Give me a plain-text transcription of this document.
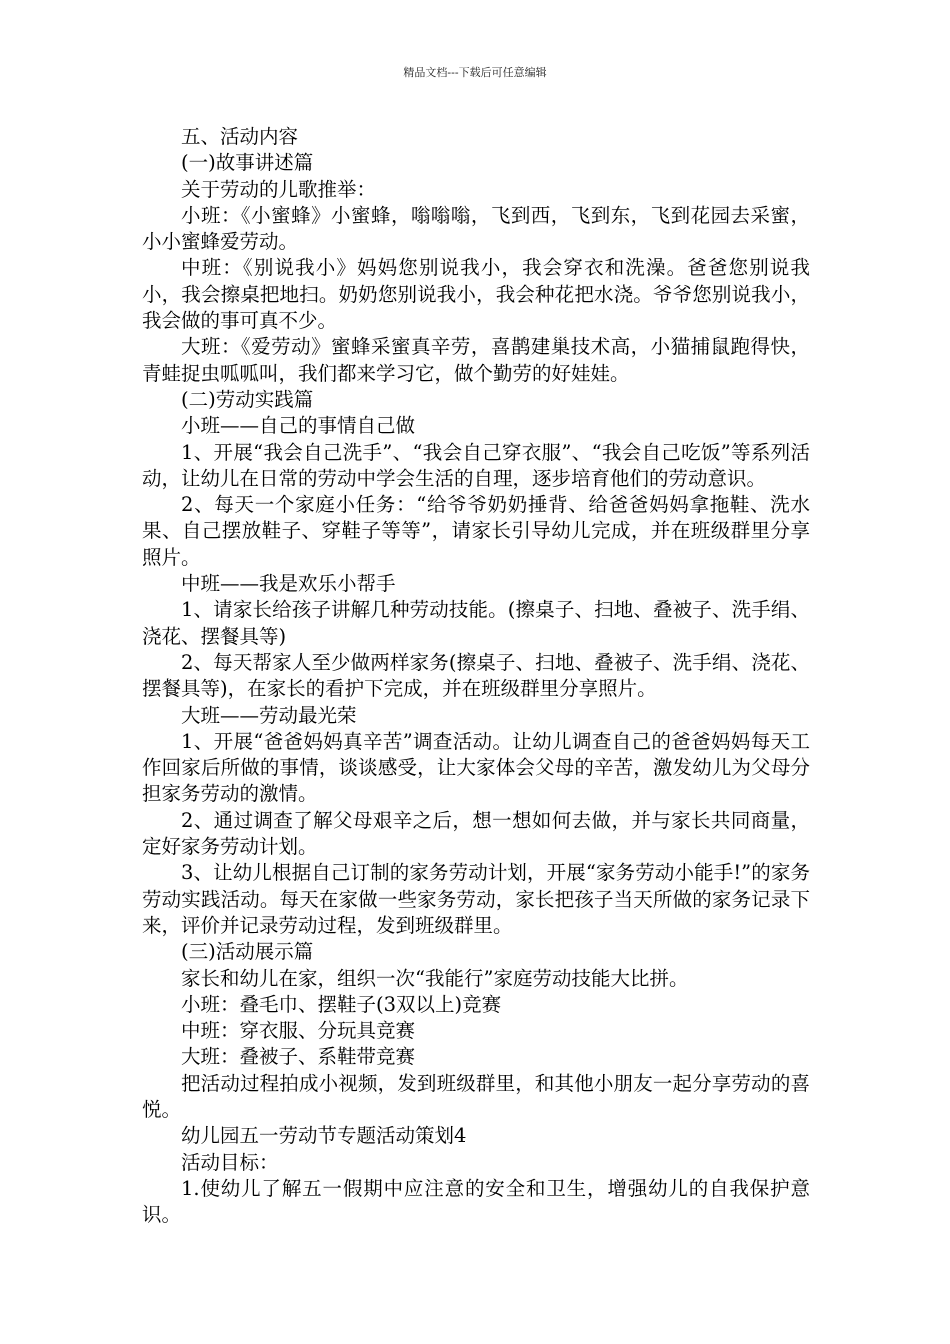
精品文档---下载后可任意编辑

五、活动内容

(一)故事讲述篇

关于劳动的儿歌推举：

小班：《小蜜蜂》小蜜蜂，嗡嗡嗡，飞到西，飞到东，飞到花园去采蜜，小小蜜蜂爱劳动。

中班：《别说我小》妈妈您别说我小，我会穿衣和洗澡。爸爸您别说我小，我会擦桌把地扫。奶奶您别说我小，我会种花把水浇。爷爷您别说我小，我会做的事可真不少。

大班：《爱劳动》蜜蜂采蜜真辛劳，喜鹊建巢技术高，小猫捕鼠跑得快，青蛙捉虫呱呱叫，我们都来学习它，做个勤劳的好娃娃。

(二)劳动实践篇

小班——自己的事情自己做

1、开展“我会自己洗手”、“我会自己穿衣服”、“我会自己吃饭”等系列活动，让幼儿在日常的劳动中学会生活的自理，逐步培育他们的劳动意识。

2、每天一个家庭小任务：“给爷爷奶奶捶背、给爸爸妈妈拿拖鞋、洗水果、自己摆放鞋子、穿鞋子等等”，请家长引导幼儿完成，并在班级群里分享照片。

中班——我是欢乐小帮手

1、请家长给孩子讲解几种劳动技能。(擦桌子、扫地、叠被子、洗手绢、浇花、摆餐具等)

2、每天帮家人至少做两样家务(擦桌子、扫地、叠被子、洗手绢、浇花、摆餐具等)，在家长的看护下完成，并在班级群里分享照片。

大班——劳动最光荣

1、开展“爸爸妈妈真辛苦”调查活动。让幼儿调查自己的爸爸妈妈每天工作回家后所做的事情，谈谈感受，让大家体会父母的辛苦，激发幼儿为父母分担家务劳动的激情。

2、通过调查了解父母艰辛之后，想一想如何去做，并与家长共同商量，定好家务劳动计划。

3、让幼儿根据自己订制的家务劳动计划，开展“家务劳动小能手!”的家务劳动实践活动。每天在家做一些家务劳动，家长把孩子当天所做的家务记录下来，评价并记录劳动过程，发到班级群里。

(三)活动展示篇

家长和幼儿在家，组织一次“我能行”家庭劳动技能大比拼。

小班：叠毛巾、摆鞋子(3双以上)竞赛

中班：穿衣服、分玩具竞赛

大班：叠被子、系鞋带竞赛

把活动过程拍成小视频，发到班级群里，和其他小朋友一起分享劳动的喜悦。

幼儿园五一劳动节专题活动策划4

活动目标：

1.使幼儿了解五一假期中应注意的安全和卫生，增强幼儿的自我保护意识。
